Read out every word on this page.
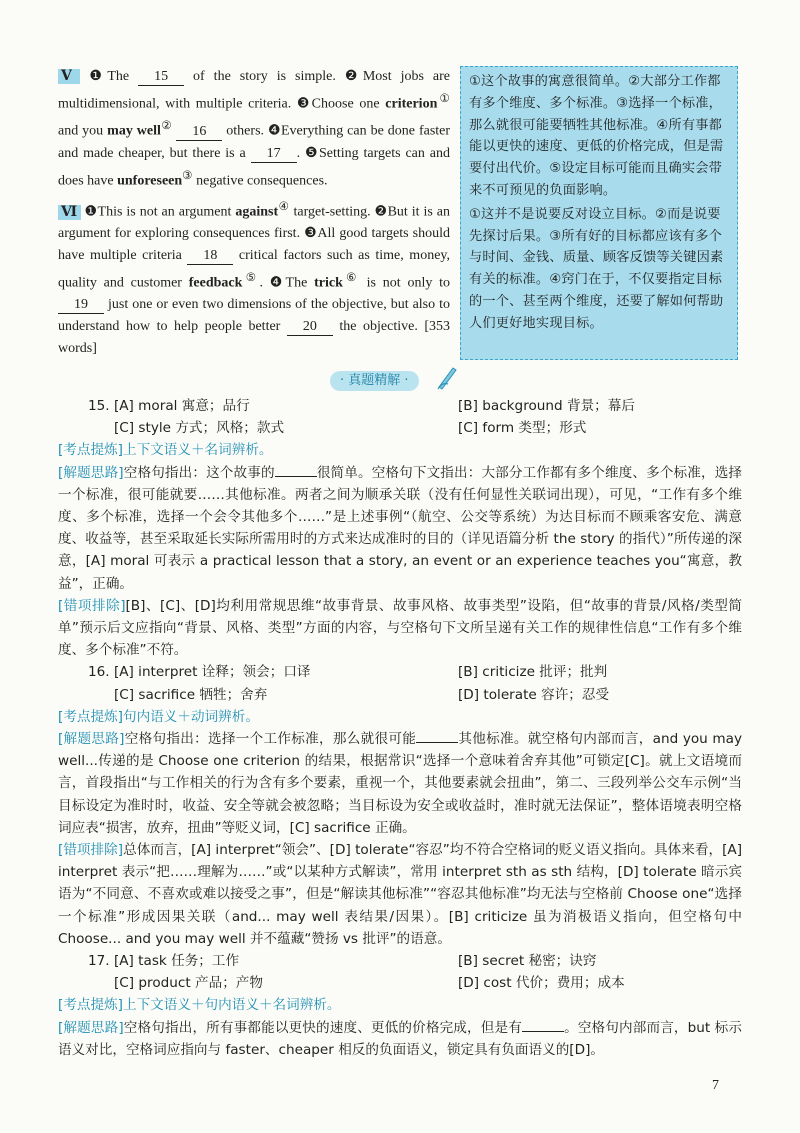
Ⅴ ❶The 15 of the story is simple. ❷Most jobs are multidimensional, with multiple criteria. ❸Choose one criterion① and you may well② 16 others. ❹Everything can be done faster and made cheaper, but there is a 17 . ❺Setting targets can and does have unforeseen③ negative consequences.

Ⅵ ❶This is not an argument against④ target-setting. ❷But it is an argument for exploring consequences first. ❸All good targets should have multiple criteria 18 critical factors such as time, money, quality and customer feedback⑤. ❹The trick⑥ is not only to 19 just one or even two dimensions of the objective, but also to understand how to help people better 20 the objective. [353 words]

①这个故事的寓意很简单。②大部分工作都有多个维度、多个标准。③选择一个标准，那么就很可能要牺牲其他标准。④所有事都能以更快的速度、更低的价格完成，但是需要付出代价。⑤设定目标可能而且确实会带来不可预见的负面影响。

①这并不是说要反对设立目标。②而是说要先探讨后果。③所有好的目标都应该有多个与时间、金钱、质量、顾客反馈等关键因素有关的标准。④窍门在于，不仅要指定目标的一个、甚至两个维度，还要了解如何帮助人们更好地实现目标。

· 真题精解 ·
15. [A] moral 寓意；品行	[B] background 背景；幕后
[C] style 方式；风格；款式	[C] form 类型；形式
[考点提炼]上下文语义＋名词辨析。

[解题思路]空格句指出：这个故事的	很简单。空格句下文指出：大部分工作都有多个维度、多个标准，选择一个标准，很可能就要……其他标准。两者之间为顺承关联（没有任何显性关联词出现），可见，“工作有多个维度、多个标准，选择一个会令其他多个……”是上述事例“（航空、公交等系统）为达目标而不顾乘客安危、满意度、收益等，甚至采取延长实际所需用时的方式来达成准时的目的（详见语篇分析 the story 的指代）”所传递的深意，[A] moral 可表示 a practical lesson that a story, an event or an experience teaches you“寓意，教益”，正确。

[错项排除][B]、[C]、[D]均利用常规思维“故事背景、故事风格、故事类型”设陷，但“故事的背景/风格/类型简单”预示后文应指向“背景、风格、类型”方面的内容，与空格句下文所呈递有关工作的规律性信息“工作有多个维度、多个标准”不符。

16. [A] interpret 诠释；领会；口译	[B] criticize 批评；批判
[C] sacrifice 牺牲；舍弃	[D] tolerate 容许；忍受
[考点提炼]句内语义＋动词辨析。

[解题思路]空格句指出：选择一个工作标准，那么就很可能	其他标准。就空格句内部而言，and you may well...传递的是 Choose one criterion 的结果，根据常识“选择一个意味着舍弃其他”可锁定[C]。就上文语境而言，首段指出“与工作相关的行为含有多个要素，重视一个，其他要素就会扭曲”，第二、三段列举公交车示例“当目标设定为准时时，收益、安全等就会被忽略；当目标设为安全或收益时，准时就无法保证”，整体语境表明空格词应表“损害，放弃，扭曲”等贬义词，[C] sacrifice 正确。

[错项排除]总体而言，[A] interpret“领会”、[D] tolerate“容忍”均不符合空格词的贬义语义指向。具体来看，[A] interpret 表示“把……理解为……”或“以某种方式解读”，常用 interpret sth as sth 结构，[D] tolerate 暗示宾语为“不同意、不喜欢或难以接受之事”，但是“解读其他标准”“容忍其他标准”均无法与空格前 Choose one“选择一个标准”形成因果关联（and... may well 表结果/因果）。[B] criticize 虽为消极语义指向，但空格句中 Choose... and you may well 并不蕴藏“赞扬 vs 批评”的语意。

17. [A] task 任务；工作	[B] secret 秘密；诀窍
[C] product 产品；产物	[D] cost 代价；费用；成本
[考点提炼]上下文语义＋句内语义＋名词辨析。

[解题思路]空格句指出，所有事都能以更快的速度、更低的价格完成，但是有	。空格句内部而言，but 标示语义对比，空格词应指向与 faster、cheaper 相反的负面语义，锁定具有负面语义的[D]。

7
